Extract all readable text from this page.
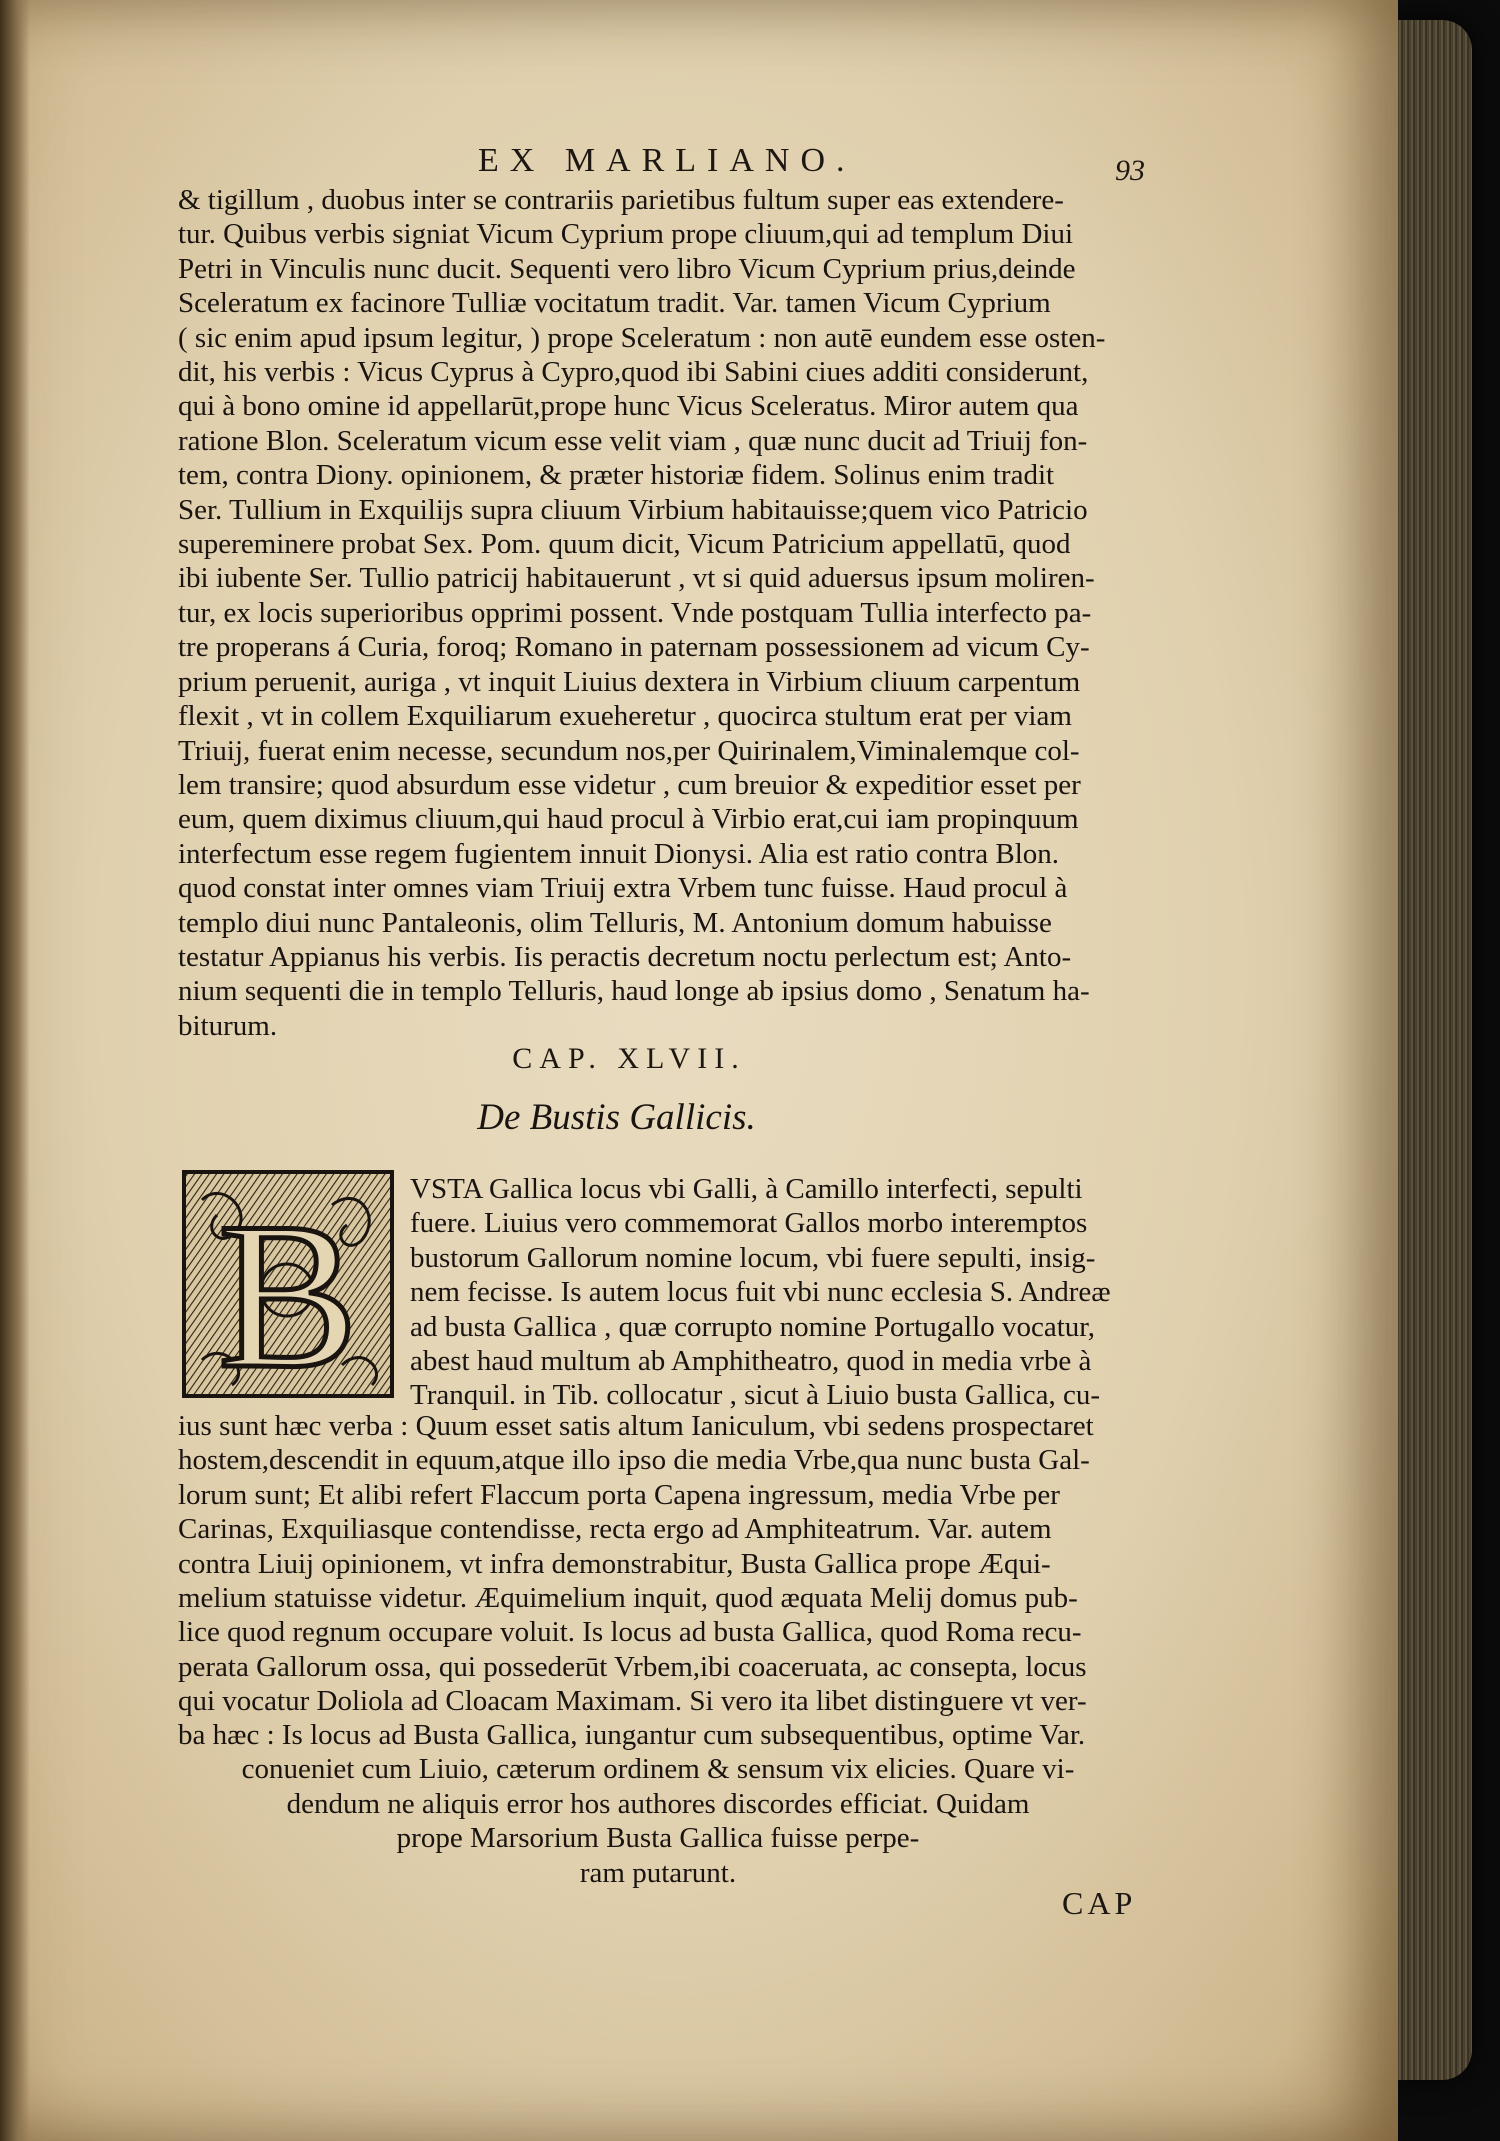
EX MARLIANO.	93
& tigillum , duobus inter se contrariis parietibus fultum super eas extendere-
tur. Quibus verbis signiat Vicum Cyprium prope cliuum,qui ad templum Diui
Petri in Vinculis nunc ducit. Sequenti vero libro Vicum Cyprium prius,deinde
Sceleratum ex facinore Tulliæ vocitatum tradit. Var. tamen Vicum Cyprium
( sic enim apud ipsum legitur, ) prope Sceleratum : non autē eundem esse osten-
dit, his verbis : Vicus Cyprus à Cypro,quod ibi Sabini ciues additi considerunt,
qui à bono omine id appellarūt,prope hunc Vicus Sceleratus. Miror autem qua
ratione Blon. Sceleratum vicum esse velit viam , quæ nunc ducit ad Triuij fon-
tem, contra Diony. opinionem, & præter historiæ fidem. Solinus enim tradit
Ser. Tullium in Exquilijs supra cliuum Virbium habitauisse;quem vico Patricio
supereminere probat Sex. Pom. quum dicit, Vicum Patricium appellatū, quod
ibi iubente Ser. Tullio patricij habitauerunt , vt si quid aduersus ipsum moliren-
tur, ex locis superioribus opprimi possent. Vnde postquam Tullia interfecto pa-
tre properans á Curia, foroq; Romano in paternam possessionem ad vicum Cy-
prium peruenit, auriga , vt inquit Liuius dextera in Virbium cliuum carpentum
flexit , vt in collem Exquiliarum exueheretur , quocirca stultum erat per viam
Triuij, fuerat enim necesse, secundum nos,per Quirinalem,Viminalemque col-
lem transire; quod absurdum esse videtur , cum breuior & expeditior esset per
eum, quem diximus cliuum,qui haud procul à Virbio erat,cui iam propinquum
interfectum esse regem fugientem innuit Dionysi. Alia est ratio contra Blon.
quod constat inter omnes viam Triuij extra Vrbem tunc fuisse. Haud procul à
templo diui nunc Pantaleonis, olim Telluris, M. Antonium domum habuisse
testatur Appianus his verbis. Iis peractis decretum noctu perlectum est; Anto-
nium sequenti die in templo Telluris, haud longe ab ipsius domo , Senatum ha-
biturum.
CAP. XLVII.
De Bustis Gallicis.
B VSTA Gallica locus vbi Galli, à Camillo interfecti, sepulti
fuere. Liuius vero commemorat Gallos morbo interemptos
bustorum Gallorum nomine locum, vbi fuere sepulti, insig-
nem fecisse. Is autem locus fuit vbi nunc ecclesia S. Andreæ
ad busta Gallica , quæ corrupto nomine Portugallo vocatur,
abest haud multum ab Amphitheatro, quod in media vrbe à
Tranquil. in Tib. collocatur , sicut à Liuio busta Gallica, cu-
ius sunt hæc verba : Quum esset satis altum Ianiculum, vbi sedens prospectaret
hostem,descendit in equum,atque illo ipso die media Vrbe,qua nunc busta Gal-
lorum sunt; Et alibi refert Flaccum porta Capena ingressum, media Vrbe per
Carinas, Exquiliasque contendisse, recta ergo ad Amphiteatrum. Var. autem
contra Liuij opinionem, vt infra demonstrabitur, Busta Gallica prope Æqui-
melium statuisse videtur. Æquimelium inquit, quod æquata Melij domus pub-
lice quod regnum occupare voluit. Is locus ad busta Gallica, quod Roma recu-
perata Gallorum ossa, qui possederūt Vrbem,ibi coaceruata, ac consepta, locus
qui vocatur Doliola ad Cloacam Maximam. Si vero ita libet distinguere vt ver-
ba hæc : Is locus ad Busta Gallica, iungantur cum subsequentibus, optime Var.
conueniet cum Liuio, cæterum ordinem & sensum vix elicies. Quare vi-
dendum ne aliquis error hos authores discordes efficiat. Quidam
prope Marsorium Busta Gallica fuisse perpe-
ram putarunt.
CAP
